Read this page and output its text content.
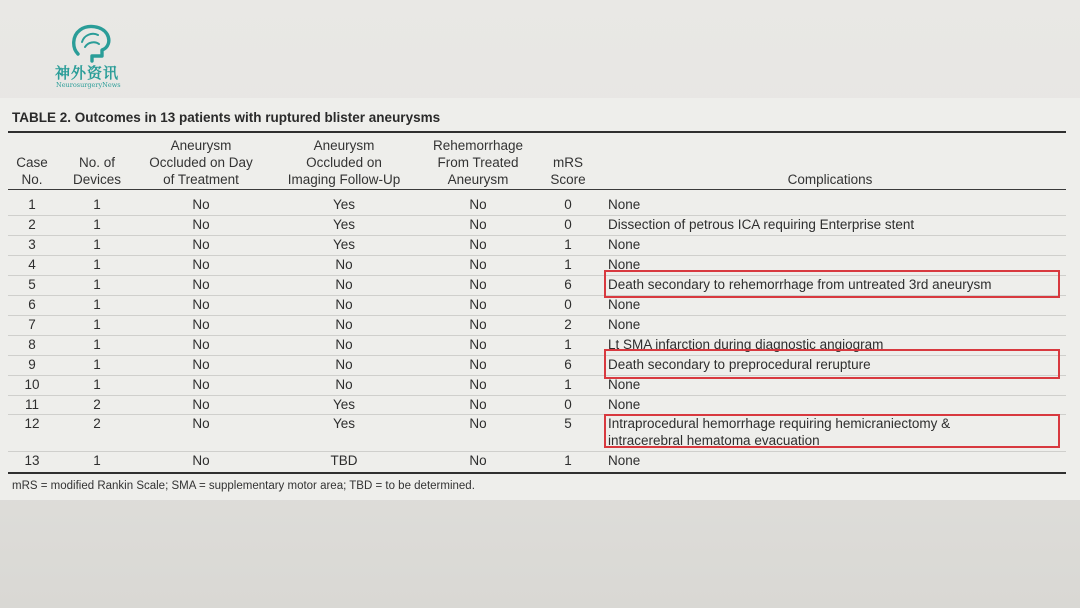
神外资讯
NeurosurgeryNews
TABLE 2. Outcomes in 13 patients with ruptured blister aneurysms
Case
No.
No. of
Devices
Aneurysm
Occluded on Day
of Treatment
Aneurysm
Occluded on
Imaging Follow-Up
Rehemorrhage
From Treated
Aneurysm
mRS
Score	Complications
1	1	No	Yes	No	0	None
2	1	No	Yes	No	0	Dissection of petrous ICA requiring Enterprise stent
3	1	No	Yes	No	1	None
4	1	No	No	No	1	None
5	1	No	No	No	6	Death secondary to rehemorrhage from untreated 3rd aneurysm
6	1	No	No	No	0	None
7	1	No	No	No	2	None
8	1	No	No	No	1	Lt SMA infarction during diagnostic angiogram
9	1	No	No	No	6	Death secondary to preprocedural rerupture
10	1	No	No	No	1	None
11	2	No	Yes	No	0	None
12	2	No	Yes	No	5	Intraprocedural hemorrhage requiring hemicraniectomy &
intracerebral hematoma evacuation
13	1	No	TBD	No	1	None
mRS = modified Rankin Scale; SMA = supplementary motor area; TBD = to be determined.
